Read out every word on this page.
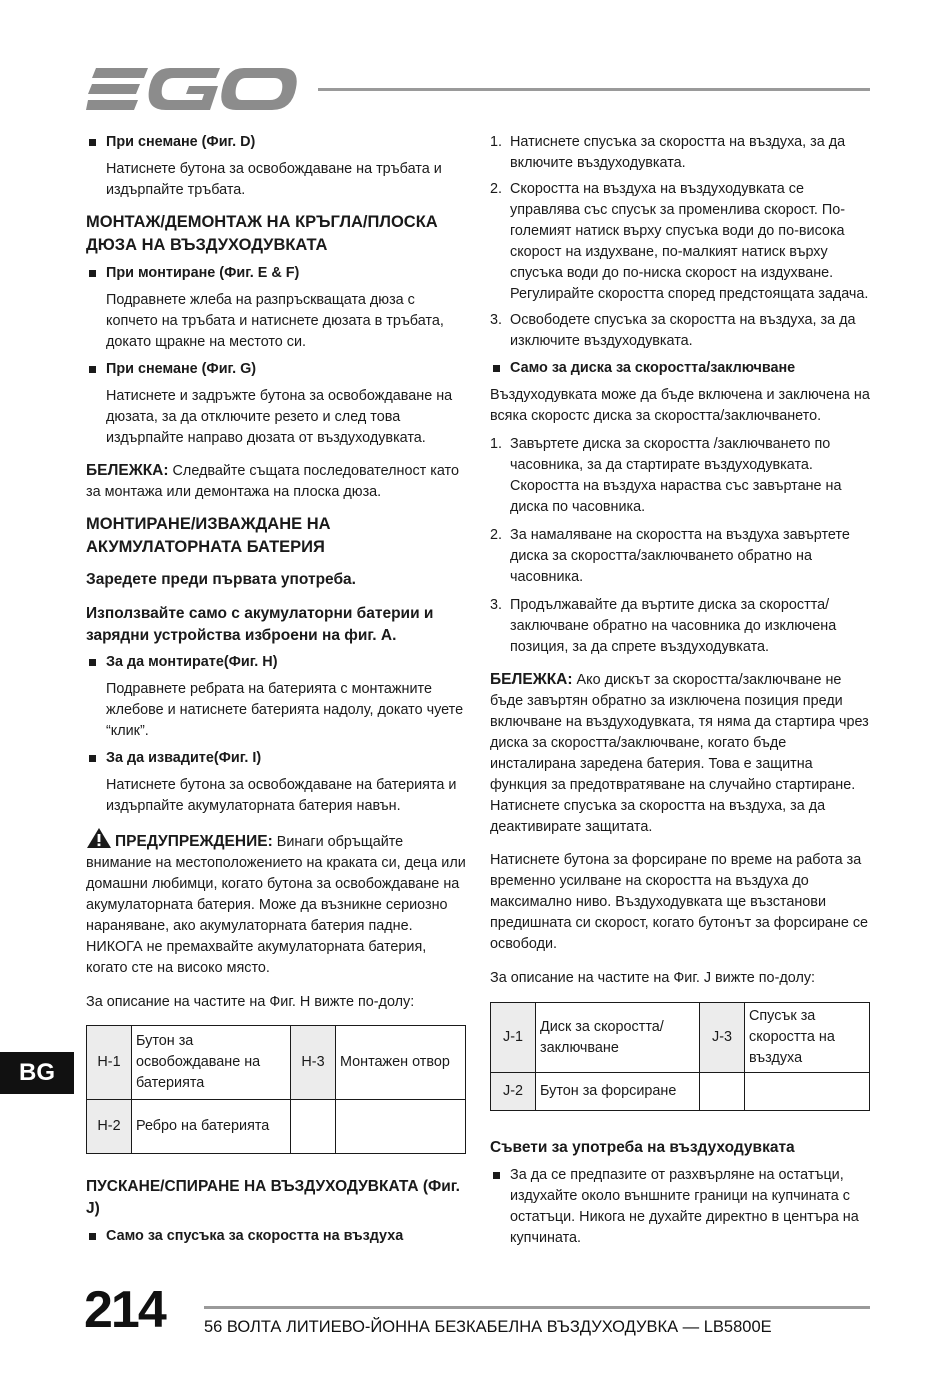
При снемане (Фиг. D)

Натиснете бутона за освобождаване на тръбата и издърпайте тръбата.

МОНТАЖ/ДЕМОНТАЖ НА КРЪГЛА/ПЛОСКА ДЮЗА НА ВЪЗДУХОДУВКАТА

При монтиране (Фиг. E & F)

Подравнете жлеба на разпръскващата дюза с копчето на тръбата и натиснете дюзата в тръбата, докато щракне на местото си.

При снемане (Фиг. G)

Натиснете и задръжте бутона за освобождаване на дюзата, за да отключите резето и след това издърпайте направо дюзата от въздуходувката.

БЕЛЕЖКА: Следвайте същата последователност като за монтажа или демонтажа на плоска дюза.

МОНТИРАНЕ/ИЗВАЖДАНЕ НА АКУМУЛАТОРНАТА БАТЕРИЯ

Заредете преди първата употреба.

Използвайте само с акумулаторни батерии и зарядни устройства изброени на фиг. А.

За да монтирате(Фиг. H)

Подравнете ребрата на батерията с монтажните жлебове и натиснете батерията надолу, докато чуете “клик”.

За да извадите(Фиг. I)

Натиснете бутона за освобождаване на батерията и издърпайте акумулаторната батерия навън.

ПРЕДУПРЕЖДЕНИЕ: Винаги обръщайте внимание на местоположението на краката си, деца или домашни любимци, когато бутона за освобождаване на акумулаторната батерия. Може да възникне сериозно нараняване, ако акумулаторната батерия падне. НИКОГА не премахвайте акумулаторната батерия, когато сте на високо място.

За описание на частите на Фиг. H вижте по-долу:

H-1	Бутон за освобождаване на батерията	H-3	Монтажен отвор
H-2	Ребро на батерията		

ПУСКАНЕ/СПИРАНЕ НА ВЪЗДУХОДУВКАТА (Фиг. J)

Само за спусъка за скоростта на въздуха

1. Натиснете спусъка за скоростта на въздуха, за да включите въздуходувката.
2. Скоростта на въздуха на въздуходувката се управлява със спусък за променлива скорост. По-големият натиск върху спусъка води до по-висока скорост на издухване, по-малкият натиск върху спусъка води до по-ниска скорост на издухване. Регулирайте скоростта според предстоящата задача.
3. Освободете спусъка за скоростта на въздуха, за да изключите въздуходувката.

Само за диска за скоростта/заключване

Въздуходувката може да бъде включена и заключена на всяка скоростс диска за скоростта/заключването.

1. Завъртете диска за скоростта /заключването по часовника, за да стартирате въздуходувката. Скоростта на въздуха нараства със завъртане на диска по часовника.
2. За намаляване на скоростта на въздуха завъртете диска за скоростта/заключването обратно на часовника.
3. Продължавайте да въртите диска за скоростта/ заключване обратно на часовника до изключена позиция, за да спрете въздуходувката.

БЕЛЕЖКА: Ако дискът за скоростта/заключване не бъде завъртян обратно за изключена позиция преди включване на въздуходувката, тя няма да стартира чрез диска за скоростта/заключване, когато бъде инсталирана заредена батерия. Това е защитна функция за предотвратяване на случайно стартиране. Натиснете спусъка за скоростта на въздуха, за да деактивирате защитата.

Натиснете бутона за форсиране по време на работа за временно усилване на скоростта на въздуха до максимално ниво. Въздуходувката ще възстанови предишната си скорост, когато бутонът за форсиране се освободи.

За описание на частите на Фиг. J вижте по-долу:

J-1	Диск за скоростта/ заключване	J-3	Спусък за скоростта на въздуха
J-2	Бутон за форсиране		

Съвети за употреба на въздуходувката

За да се предпазите от разхвърляне на остатъци, издухайте около външните граници на купчината с остатъци. Никога не духайте директно в центъра на купчината.

BG
214 56 ВОЛТА ЛИТИЕВО-ЙОННА БЕЗКАБЕЛНА ВЪЗДУХОДУВКА — LB5800E
